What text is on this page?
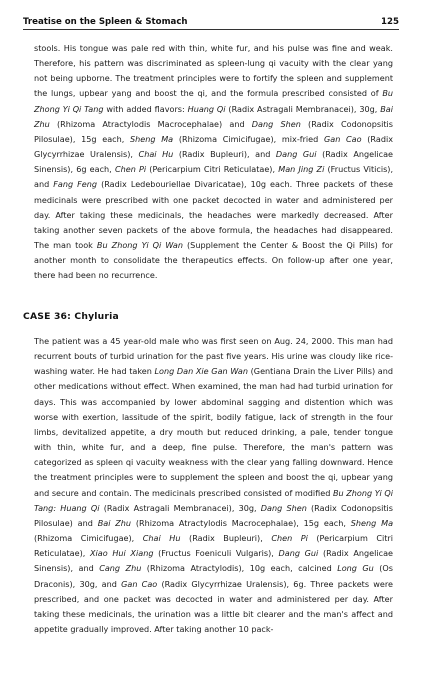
Treatise on the Spleen & Stomach	125

stools. His tongue was pale red with thin, white fur, and his pulse was fine and weak. Therefore, his pattern was discriminated as spleen-lung qi vacuity with the clear yang not being upborne. The treatment principles were to fortify the spleen and supplement the lungs, upbear yang and boost the qi, and the formula prescribed consisted of Bu Zhong Yi Qi Tang with added flavors: Huang Qi (Radix Astragali Membranacei), 30g, Bai Zhu (Rhizoma Atractylodis Macrocephalae) and Dang Shen (Radix Codonopsitis Pilosulae), 15g each, Sheng Ma (Rhizoma Cimicifugae), mix-fried Gan Cao (Radix Glycyrrhizae Uralensis), Chai Hu (Radix Bupleuri), and Dang Gui (Radix Angelicae Sinensis), 6g each, Chen Pi (Pericarpium Citri Reticulatae), Man Jing Zi (Fructus Viticis), and Fang Feng (Radix Ledebouriellae Divaricatae), 10g each. Three packets of these medicinals were prescribed with one packet decocted in water and administered per day. After taking these medicinals, the headaches were markedly decreased. After taking another seven packets of the above formula, the headaches had disappeared. The man took Bu Zhong Yi Qi Wan (Supplement the Center & Boost the Qi Pills) for another month to consolidate the therapeutics effects. On follow-up after one year, there had been no recurrence.

CASE 36: Chyluria

The patient was a 45 year-old male who was first seen on Aug. 24, 2000. This man had recurrent bouts of turbid urination for the past five years. His urine was cloudy like rice-washing water. He had taken Long Dan Xie Gan Wan (Gentiana Drain the Liver Pills) and other medications without effect. When examined, the man had had turbid urination for days. This was accompanied by lower abdominal sagging and distention which was worse with exertion, lassitude of the spirit, bodily fatigue, lack of strength in the four limbs, devitalized appetite, a dry mouth but reduced drinking, a pale, tender tongue with thin, white fur, and a deep, fine pulse. Therefore, the man's pattern was categorized as spleen qi vacuity weakness with the clear yang falling downward. Hence the treatment principles were to supplement the spleen and boost the qi, upbear yang and secure and contain. The medicinals prescribed consisted of modified Bu Zhong Yi Qi Tang: Huang Qi (Radix Astragali Membranacei), 30g, Dang Shen (Radix Codonopsitis Pilosulae) and Bai Zhu (Rhizoma Atractylodis Macrocephalae), 15g each, Sheng Ma (Rhizoma Cimicifugae), Chai Hu (Radix Bupleuri), Chen Pi (Pericarpium Citri Reticulatae), Xiao Hui Xiang (Fructus Foeniculi Vulgaris), Dang Gui (Radix Angelicae Sinensis), and Cang Zhu (Rhizoma Atractylodis), 10g each, calcined Long Gu (Os Draconis), 30g, and Gan Cao (Radix Glycyrrhizae Uralensis), 6g. Three packets were prescribed, and one packet was decocted in water and administered per day. After taking these medicinals, the urination was a little bit clearer and the man's affect and appetite gradually improved. After taking another 10 pack-
